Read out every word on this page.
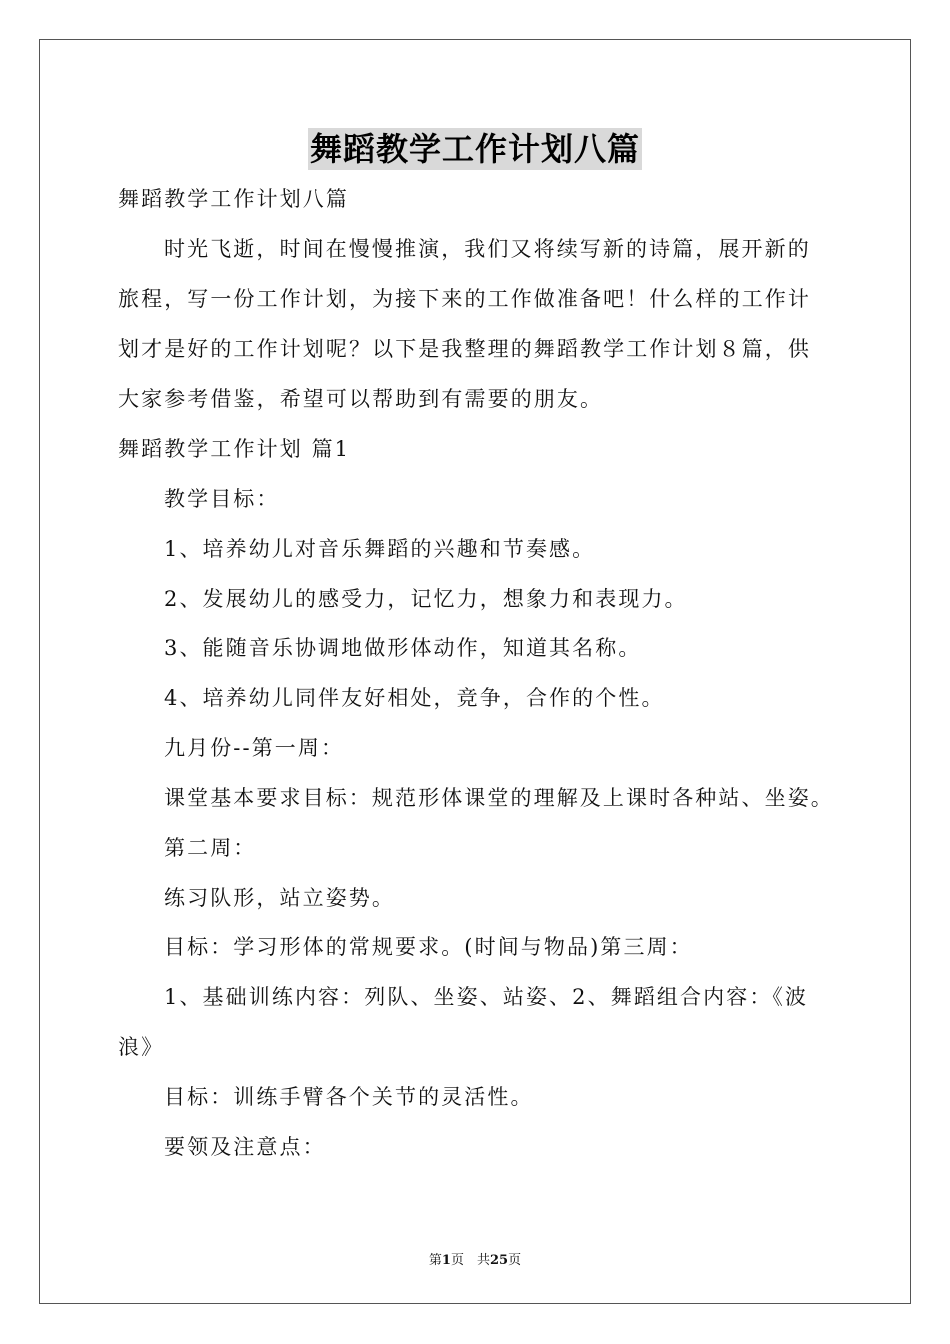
舞蹈教学工作计划八篇
舞蹈教学工作计划八篇
时光飞逝，时间在慢慢推演，我们又将续写新的诗篇，展开新的
旅程，写一份工作计划，为接下来的工作做准备吧！什么样的工作计
划才是好的工作计划呢？以下是我整理的舞蹈教学工作计划８篇，供
大家参考借鉴，希望可以帮助到有需要的朋友。
舞蹈教学工作计划 篇1
教学目标：
1、培养幼儿对音乐舞蹈的兴趣和节奏感。
2、发展幼儿的感受力，记忆力，想象力和表现力。
3、能随音乐协调地做形体动作，知道其名称。
4、培养幼儿同伴友好相处，竞争，合作的个性。
九月份--第一周：
课堂基本要求目标：规范形体课堂的理解及上课时各种站、坐姿。
第二周：
练习队形，站立姿势。
目标：学习形体的常规要求。(时间与物品)第三周：
1、基础训练内容：列队、坐姿、站姿、2、舞蹈组合内容：《波
浪》
目标：训练手臂各个关节的灵活性。
要领及注意点：
第1页　共25页
